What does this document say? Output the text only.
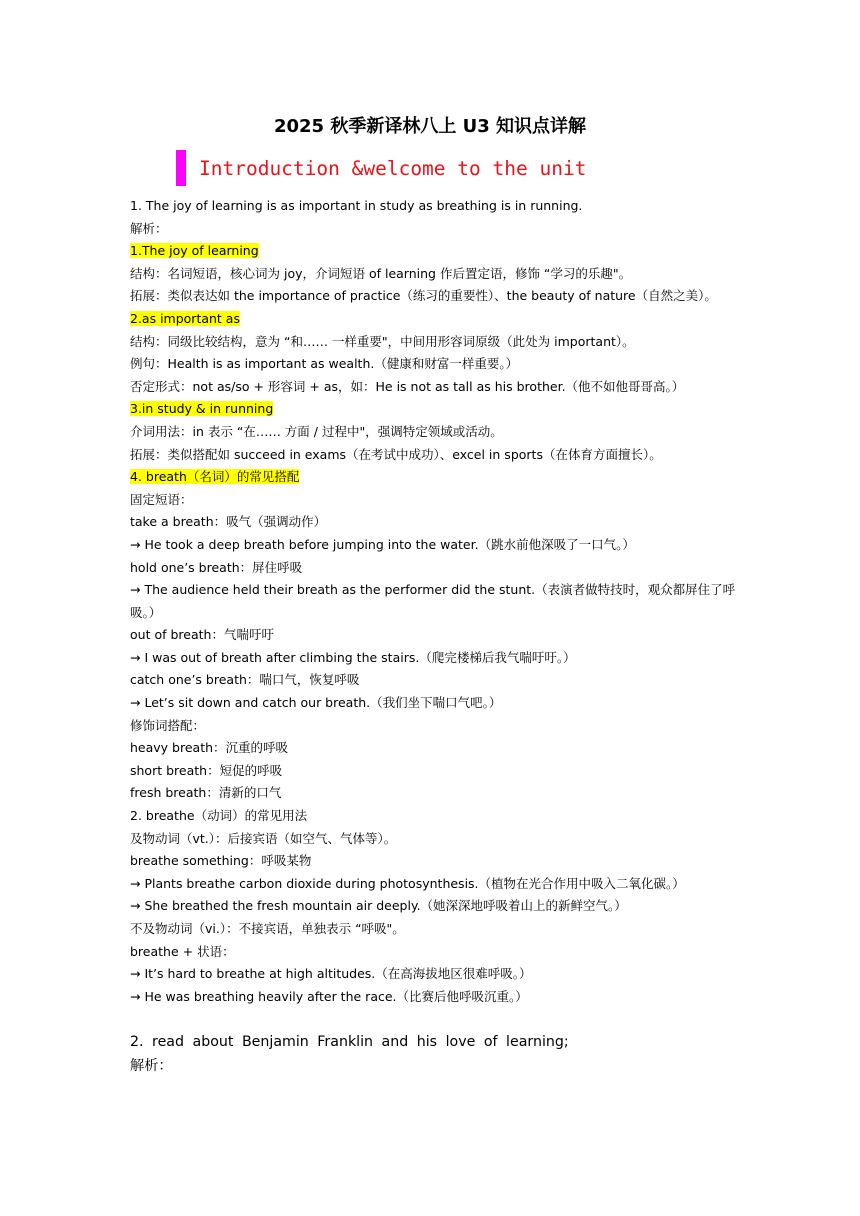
2025 秋季新译林八上 U3 知识点详解
Introduction &welcome to the unit

1. The joy of learning is as important in study as breathing is in running.

解析：

1.The joy of learning

结构：名词短语，核心词为 joy，介词短语 of learning 作后置定语，修饰 “学习的乐趣"。

拓展：类似表达如 the importance of practice（练习的重要性）、the beauty of nature（自然之美）。

2.as important as

结构：同级比较结构，意为 “和…… 一样重要"，中间用形容词原级（此处为 important）。

例句：Health is as important as wealth.（健康和财富一样重要。）

否定形式：not as/so + 形容词 + as，如：He is not as tall as his brother.（他不如他哥哥高。）

3.in study & in running

介词用法：in 表示 “在…… 方面 / 过程中"，强调特定领域或活动。

拓展：类似搭配如 succeed in exams（在考试中成功）、excel in sports（在体育方面擅长）。

4. breath（名词）的常见搭配

固定短语：

take a breath：吸气（强调动作）

→ He took a deep breath before jumping into the water.（跳水前他深吸了一口气。）

hold one’s breath：屏住呼吸

→ The audience held their breath as the performer did the stunt.（表演者做特技时，观众都屏住了呼吸。）

out of breath：气喘吁吁

→ I was out of breath after climbing the stairs.（爬完楼梯后我气喘吁吁。）

catch one’s breath：喘口气，恢复呼吸

→ Let’s sit down and catch our breath.（我们坐下喘口气吧。）

修饰词搭配：

heavy breath：沉重的呼吸

short breath：短促的呼吸

fresh breath：清新的口气

2. breathe（动词）的常见用法

及物动词（vt.）：后接宾语（如空气、气体等）。

breathe something：呼吸某物

→ Plants breathe carbon dioxide during photosynthesis.（植物在光合作用中吸入二氧化碳。）

→ She breathed the fresh mountain air deeply.（她深深地呼吸着山上的新鲜空气。）

不及物动词（vi.）：不接宾语，单独表示 “呼吸"。

breathe + 状语：

→ It’s hard to breathe at high altitudes.（在高海拔地区很难呼吸。）

→ He was breathing heavily after the race.（比赛后他呼吸沉重。）

2. read about Benjamin Franklin and his love of learning;

解析：
